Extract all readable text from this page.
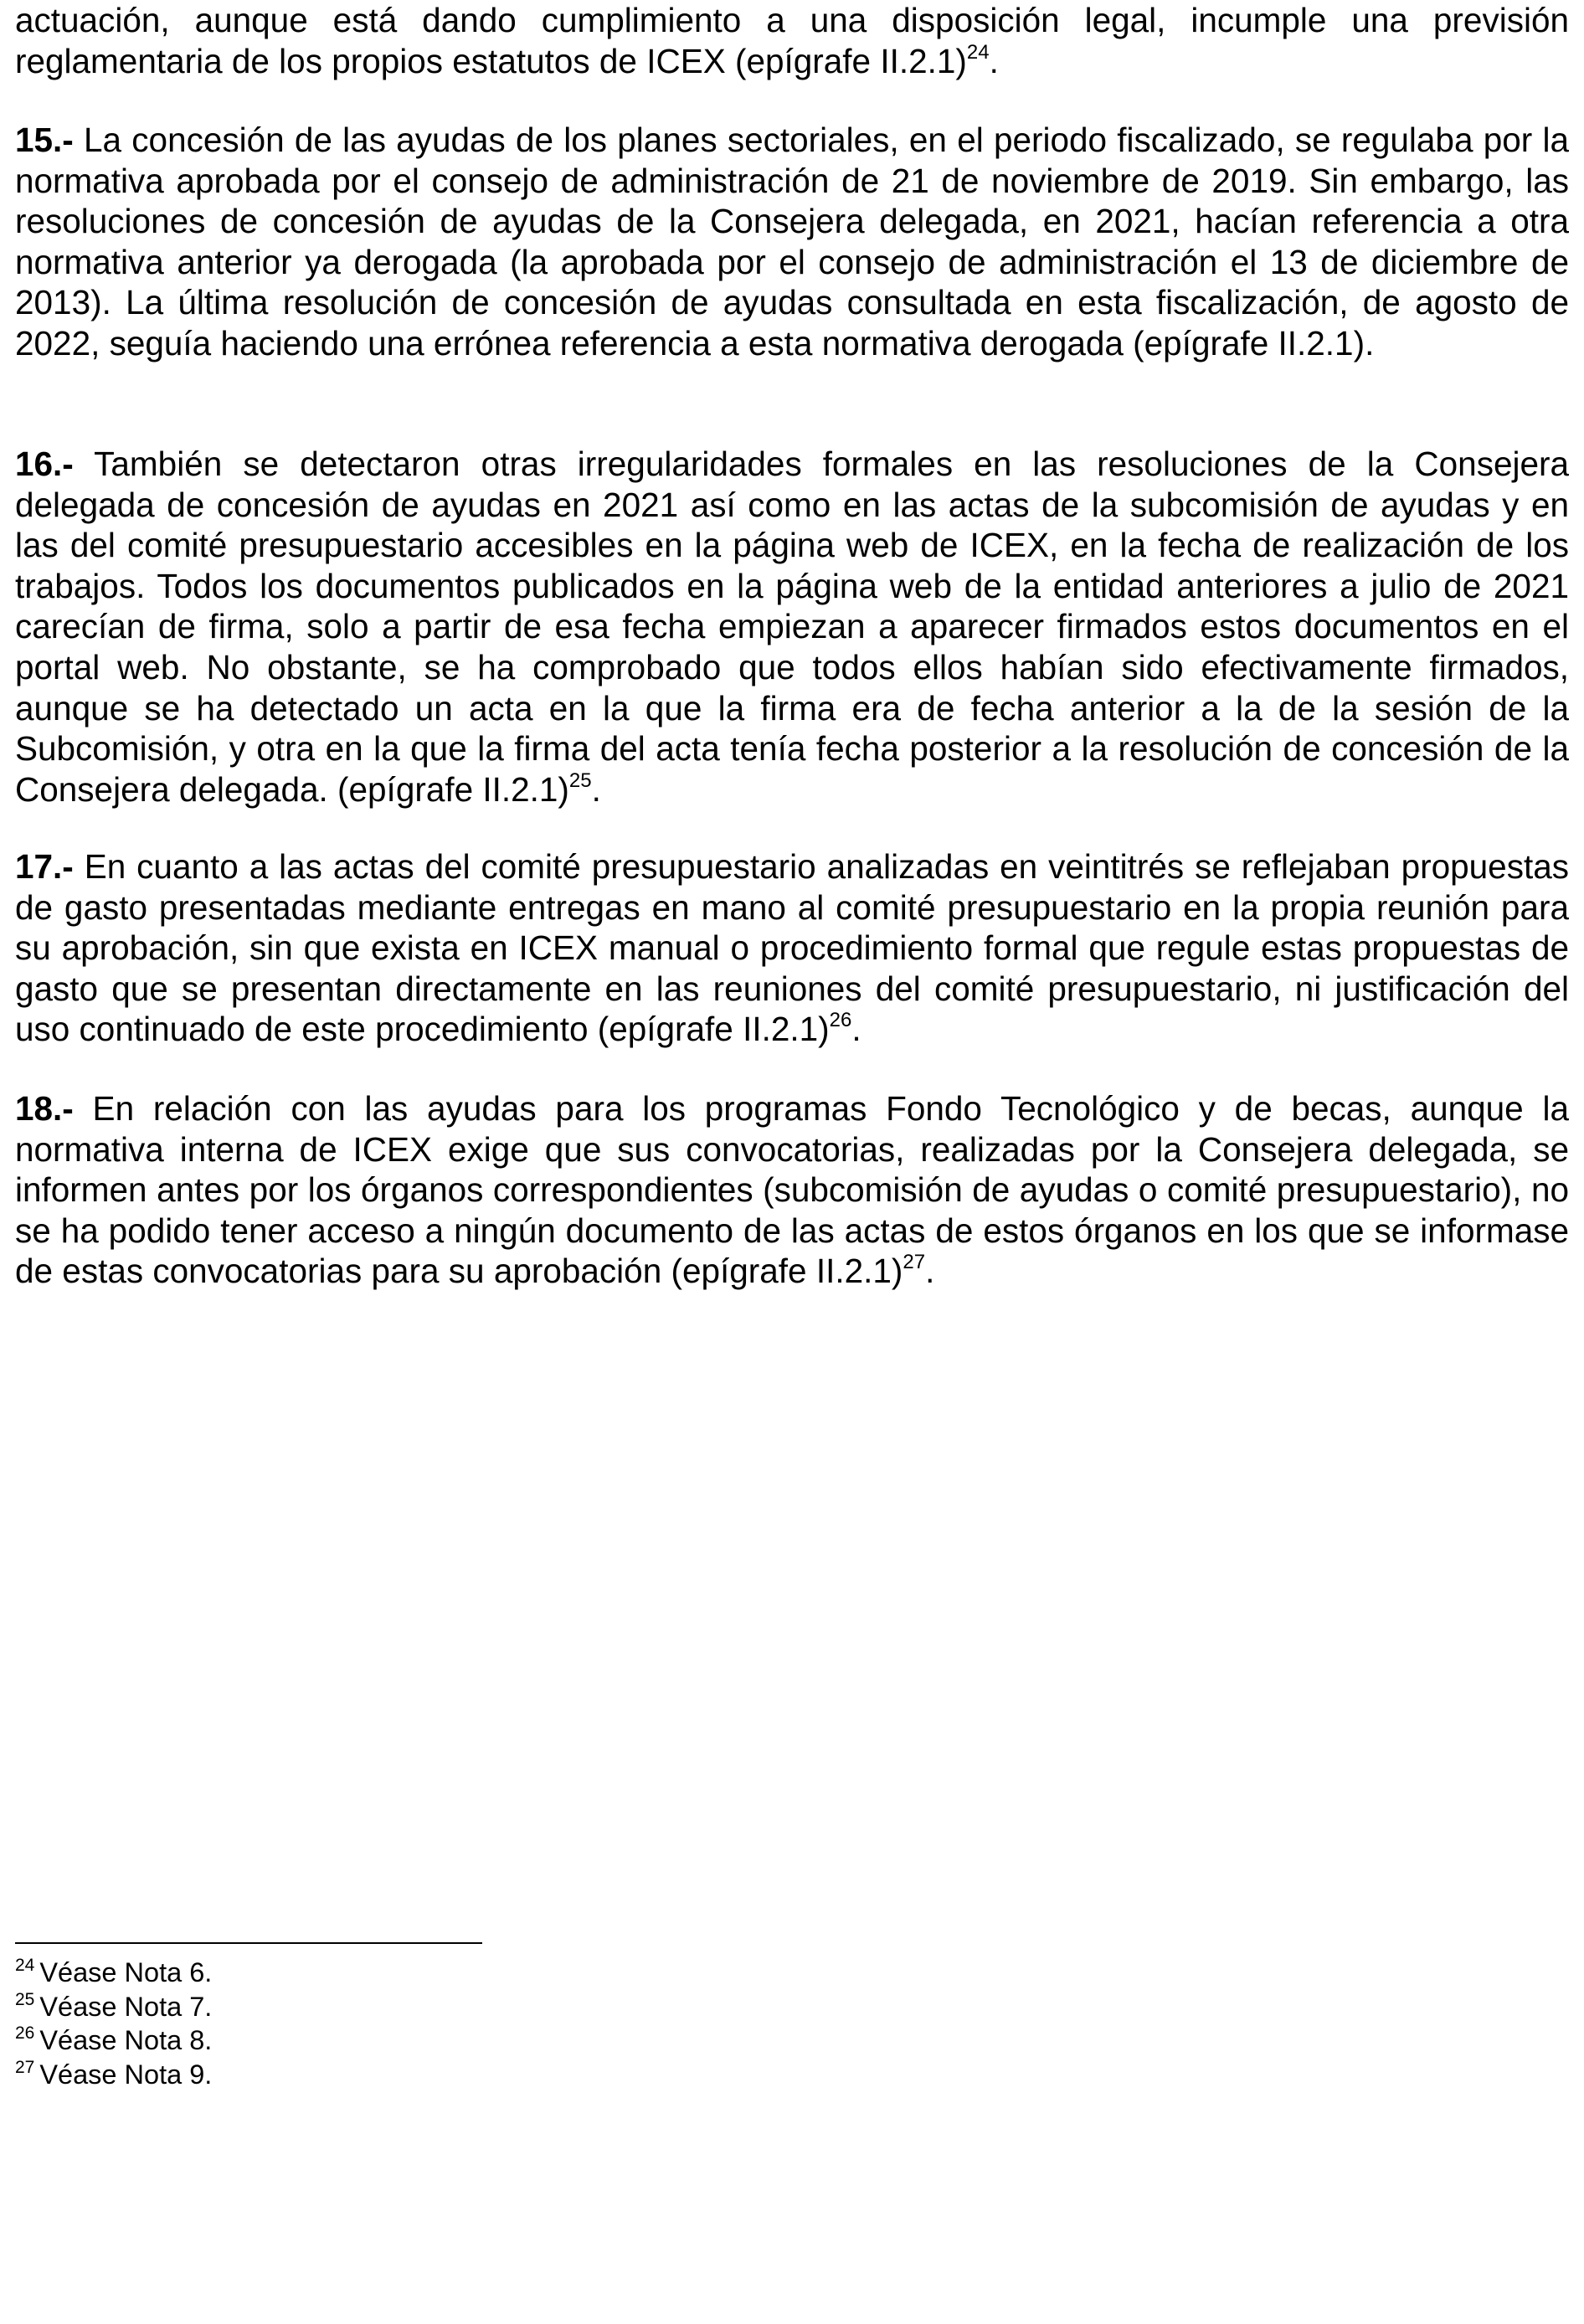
actuación, aunque está dando cumplimiento a una disposición legal, incumple una previsión reglamentaria de los propios estatutos de ICEX (epígrafe II.2.1)$^{24}$.

15.- La concesión de las ayudas de los planes sectoriales, en el periodo fiscalizado, se regulaba por la normativa aprobada por el consejo de administración de 21 de noviembre de 2019. Sin embargo, las resoluciones de concesión de ayudas de la Consejera delegada, en 2021, hacían referencia a otra normativa anterior ya derogada (la aprobada por el consejo de administración el 13 de diciembre de 2013). La última resolución de concesión de ayudas consultada en esta fiscalización, de agosto de 2022, seguía haciendo una errónea referencia a esta normativa derogada (epígrafe II.2.1).

16.- También se detectaron otras irregularidades formales en las resoluciones de la Consejera delegada de concesión de ayudas en 2021 así como en las actas de la subcomisión de ayudas y en las del comité presupuestario accesibles en la página web de ICEX, en la fecha de realización de los trabajos. Todos los documentos publicados en la página web de la entidad anteriores a julio de 2021 carecían de firma, solo a partir de esa fecha empiezan a aparecer firmados estos documentos en el portal web. No obstante, se ha comprobado que todos ellos habían sido efectivamente firmados, aunque se ha detectado un acta en la que la firma era de fecha anterior a la de la sesión de la Subcomisión, y otra en la que la firma del acta tenía fecha posterior a la resolución de concesión de la Consejera delegada. (epígrafe II.2.1)$^{25}$.

17.- En cuanto a las actas del comité presupuestario analizadas en veintitrés se reflejaban propuestas de gasto presentadas mediante entregas en mano al comité presupuestario en la propia reunión para su aprobación, sin que exista en ICEX manual o procedimiento formal que regule estas propuestas de gasto que se presentan directamente en las reuniones del comité presupuestario, ni justificación del uso continuado de este procedimiento (epígrafe II.2.1)$^{26}$.

18.- En relación con las ayudas para los programas Fondo Tecnológico y de becas, aunque la normativa interna de ICEX exige que sus convocatorias, realizadas por la Consejera delegada, se informen antes por los órganos correspondientes (subcomisión de ayudas o comité presupuestario), no se ha podido tener acceso a ningún documento de las actas de estos órganos en los que se informase de estas convocatorias para su aprobación (epígrafe II.2.1)$^{27}$.

$^{24}$ Véase Nota 6.

$^{25}$ Véase Nota 7.

$^{26}$ Véase Nota 8.

$^{27}$ Véase Nota 9.
